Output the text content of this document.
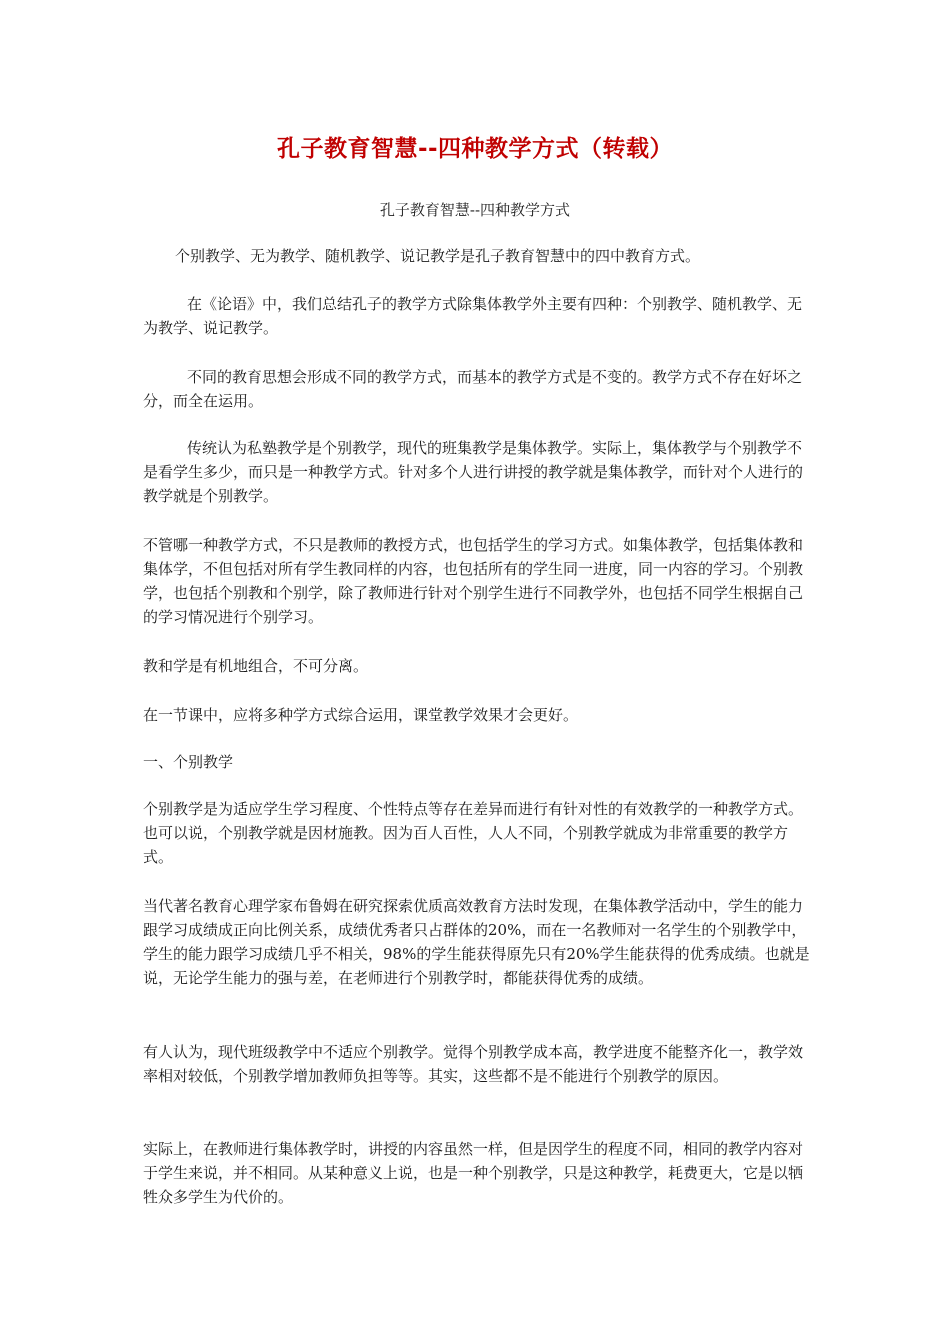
孔子教育智慧--四种教学方式（转载）
孔子教育智慧--四种教学方式

个别教学、无为教学、随机教学、说记教学是孔子教育智慧中的四中教育方式。

在《论语》中，我们总结孔子的教学方式除集体教学外主要有四种：个别教学、随机教学、无为教学、说记教学。

不同的教育思想会形成不同的教学方式，而基本的教学方式是不变的。教学方式不存在好坏之分，而全在运用。

传统认为私塾教学是个别教学，现代的班集教学是集体教学。实际上，集体教学与个别教学不是看学生多少，而只是一种教学方式。针对多个人进行讲授的教学就是集体教学，而针对个人进行的教学就是个别教学。

不管哪一种教学方式，不只是教师的教授方式，也包括学生的学习方式。如集体教学，包括集体教和集体学，不但包括对所有学生教同样的内容，也包括所有的学生同一进度，同一内容的学习。个别教学，也包括个别教和个别学，除了教师进行针对个别学生进行不同教学外，也包括不同学生根据自己的学习情况进行个别学习。

教和学是有机地组合，不可分离。

在一节课中，应将多种学方式综合运用，课堂教学效果才会更好。

一、个别教学

个别教学是为适应学生学习程度、个性特点等存在差异而进行有针对性的有效教学的一种教学方式。也可以说，个别教学就是因材施教。因为百人百性，人人不同，个别教学就成为非常重要的教学方式。

当代著名教育心理学家布鲁姆在研究探索优质高效教育方法时发现，在集体教学活动中，学生的能力跟学习成绩成正向比例关系，成绩优秀者只占群体的20%，而在一名教师对一名学生的个别教学中，学生的能力跟学习成绩几乎不相关，98%的学生能获得原先只有20%学生能获得的优秀成绩。也就是说，无论学生能力的强与差，在老师进行个别教学时，都能获得优秀的成绩。

有人认为，现代班级教学中不适应个别教学。觉得个别教学成本高，教学进度不能整齐化一，教学效率相对较低，个别教学增加教师负担等等。其实，这些都不是不能进行个别教学的原因。

实际上，在教师进行集体教学时，讲授的内容虽然一样，但是因学生的程度不同，相同的教学内容对于学生来说，并不相同。从某种意义上说，也是一种个别教学，只是这种教学，耗费更大，它是以牺牲众多学生为代价的。
